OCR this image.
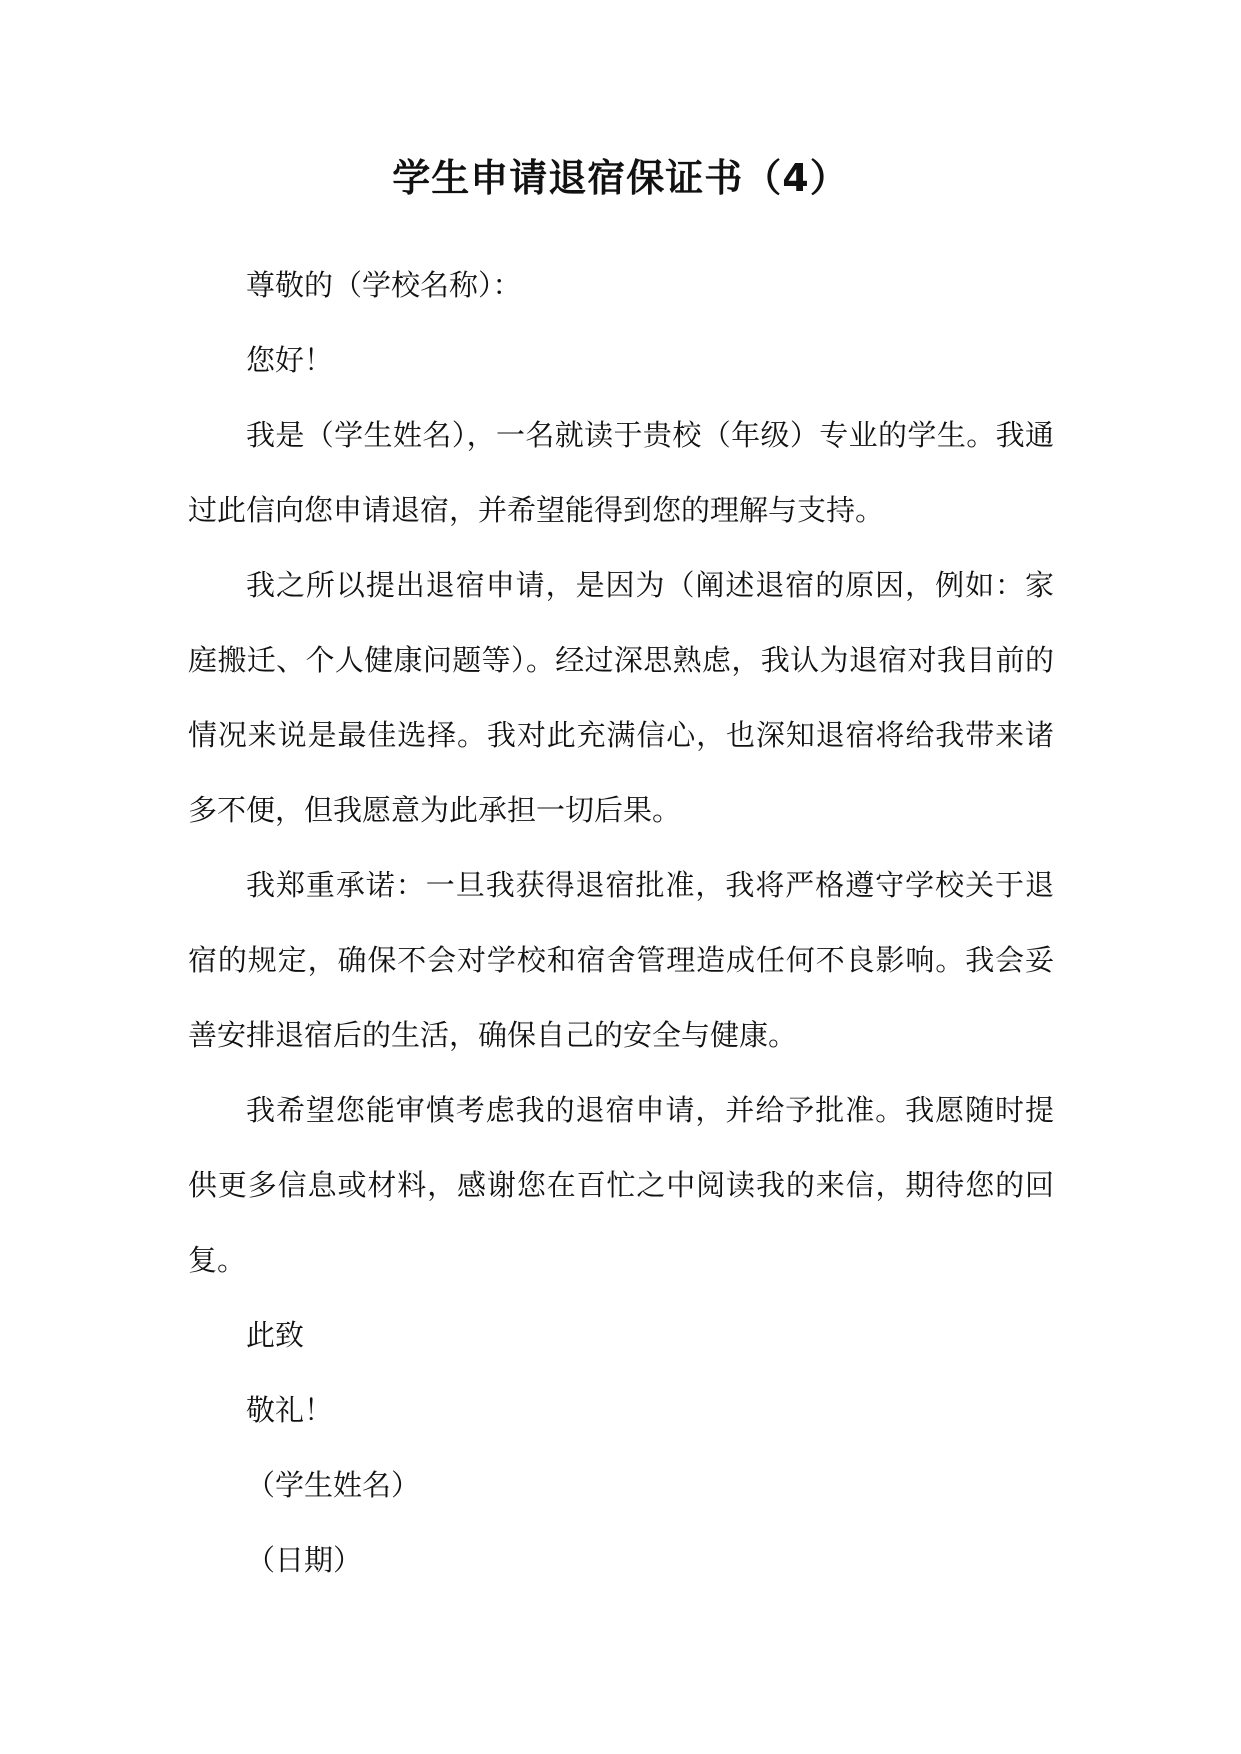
学生申请退宿保证书（4）

尊敬的（学校名称）：

您好！

我是（学生姓名），一名就读于贵校（年级）专业的学生。我通过此信向您申请退宿，并希望能得到您的理解与支持。

我之所以提出退宿申请，是因为（阐述退宿的原因，例如：家庭搬迁、个人健康问题等）。经过深思熟虑，我认为退宿对我目前的情况来说是最佳选择。我对此充满信心，也深知退宿将给我带来诸多不便，但我愿意为此承担一切后果。

我郑重承诺：一旦我获得退宿批准，我将严格遵守学校关于退宿的规定，确保不会对学校和宿舍管理造成任何不良影响。我会妥善安排退宿后的生活，确保自己的安全与健康。

我希望您能审慎考虑我的退宿申请，并给予批准。我愿随时提供更多信息或材料，感谢您在百忙之中阅读我的来信，期待您的回复。

此致

敬礼！

（学生姓名）

（日期）
